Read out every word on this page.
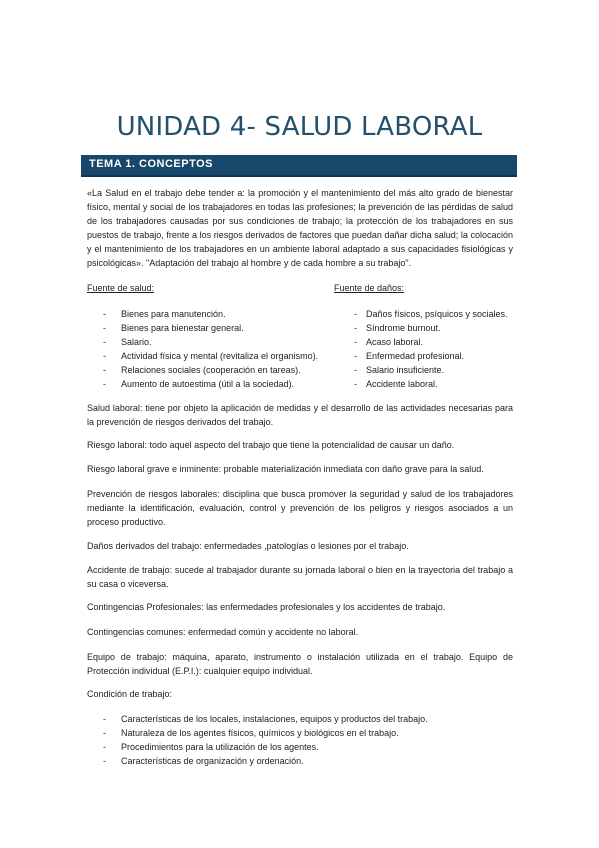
UNIDAD 4- SALUD LABORAL
TEMA 1. CONCEPTOS

«La Salud en el trabajo debe tender a: la promoción y el mantenimiento del más alto grado de bienestar físico, mental y social de los trabajadores en todas las profesiones; la prevención de las pérdidas de salud de los trabajadores causadas por sus condiciones de trabajo; la protección de los trabajadores en sus puestos de trabajo, frente a los riesgos derivados de factores que puedan dañar dicha salud; la colocación y el mantenimiento de los trabajadores en un ambiente laboral adaptado a sus capacidades fisiológicas y psicológicas». "Adaptación del trabajo al hombre y de cada hombre a su trabajo".

Fuente de salud:	Fuente de daños:

- Bienes para manutención.
- Bienes para bienestar general.
- Salario.
- Actividad física y mental (revitaliza el organismo).
- Relaciones sociales (cooperación en tareas).
- Aumento de autoestima (útil a la sociedad).
- Daños físicos, psíquicos y sociales.
- Síndrome burnout.
- Acaso laboral.
- Enfermedad profesional.
- Salario insuficiente.
- Accidente laboral.

Salud laboral: tiene por objeto la aplicación de medidas y el desarrollo de las actividades necesarias para la prevención de riesgos derivados del trabajo.

Riesgo laboral: todo aquel aspecto del trabajo que tiene la potencialidad de causar un daño.

Riesgo laboral grave e inminente: probable materialización inmediata con daño grave para la salud.

Prevención de riesgos laborales: disciplina que busca promover la seguridad y salud de los trabajadores mediante la identificación, evaluación, control y prevención de los peligros y riesgos asociados a un proceso productivo.

Daños derivados del trabajo: enfermedades ,patologías o lesiones por el trabajo.

Accidente de trabajo: sucede al trabajador durante su jornada laboral o bien en la trayectoria del trabajo a su casa o viceversa.

Contingencias Profesionales: las enfermedades profesionales y los accidentes de trabajo.

Contingencias comunes: enfermedad común y accidente no laboral.

Equipo de trabajo: máquina, aparato, instrumento o instalación utilizada en el trabajo. Equipo de Protección individual (E.P.I.): cualquier equipo individual.

Condición de trabajo:

- Características de los locales, instalaciones, equipos y productos del trabajo.
- Naturaleza de los agentes físicos, químicos y biológicos en el trabajo.
- Procedimientos para la utilización de los agentes.
- Características de organización y ordenación.
